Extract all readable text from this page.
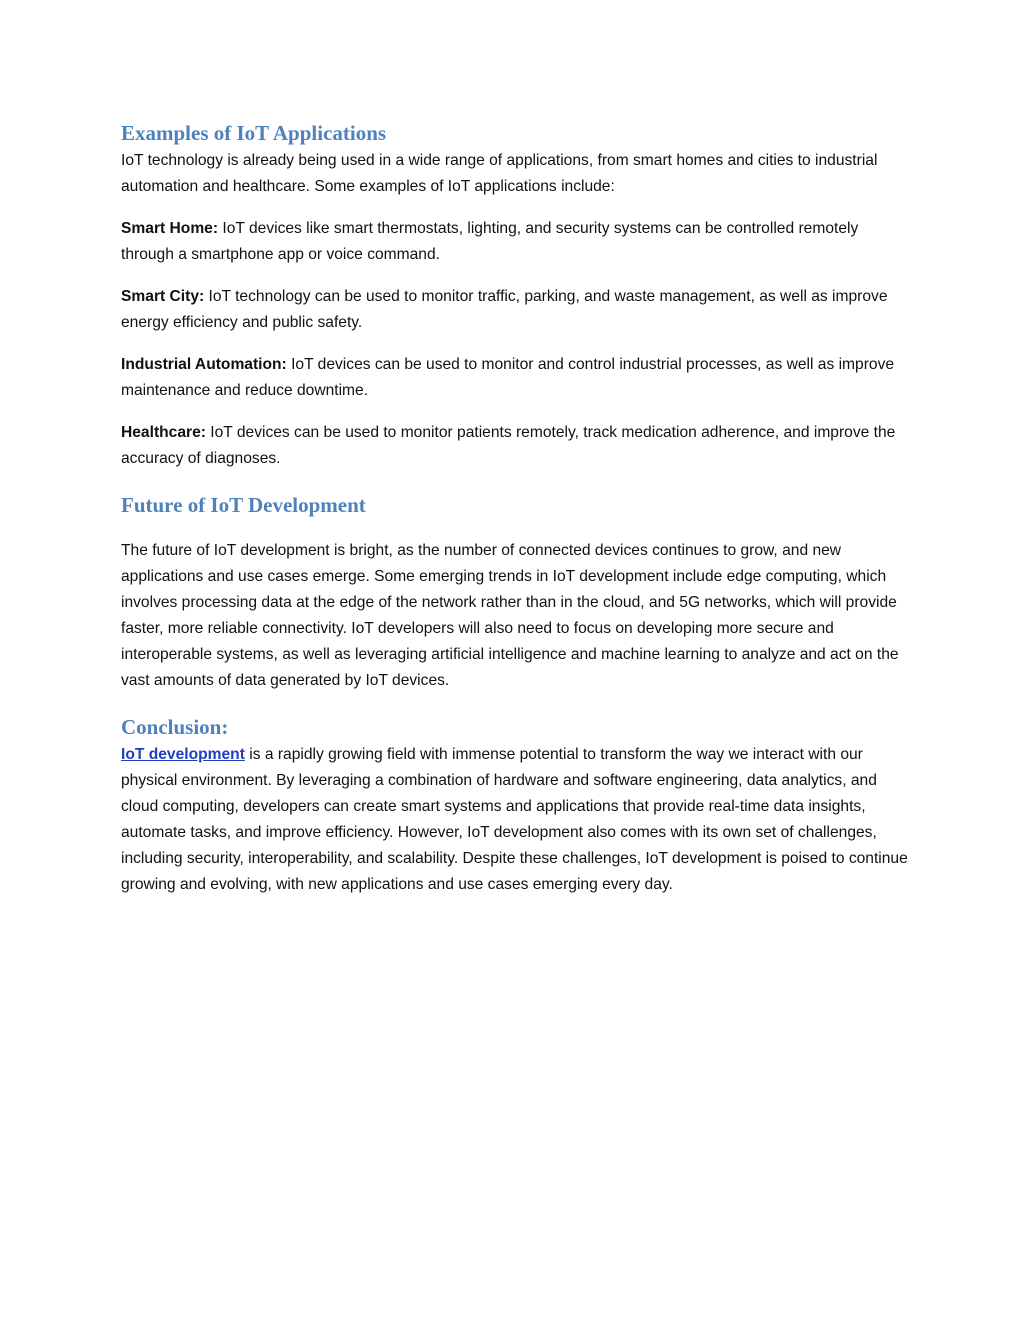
Examples of IoT Applications

IoT technology is already being used in a wide range of applications, from smart homes and cities to industrial automation and healthcare. Some examples of IoT applications include:

Smart Home: IoT devices like smart thermostats, lighting, and security systems can be controlled remotely through a smartphone app or voice command.

Smart City: IoT technology can be used to monitor traffic, parking, and waste management, as well as improve energy efficiency and public safety.

Industrial Automation: IoT devices can be used to monitor and control industrial processes, as well as improve maintenance and reduce downtime.

Healthcare: IoT devices can be used to monitor patients remotely, track medication adherence, and improve the accuracy of diagnoses.

Future of IoT Development

The future of IoT development is bright, as the number of connected devices continues to grow, and new applications and use cases emerge. Some emerging trends in IoT development include edge computing, which involves processing data at the edge of the network rather than in the cloud, and 5G networks, which will provide faster, more reliable connectivity. IoT developers will also need to focus on developing more secure and interoperable systems, as well as leveraging artificial intelligence and machine learning to analyze and act on the vast amounts of data generated by IoT devices.

Conclusion:

IoT development is a rapidly growing field with immense potential to transform the way we interact with our physical environment. By leveraging a combination of hardware and software engineering, data analytics, and cloud computing, developers can create smart systems and applications that provide real-time data insights, automate tasks, and improve efficiency. However, IoT development also comes with its own set of challenges, including security, interoperability, and scalability. Despite these challenges, IoT development is poised to continue growing and evolving, with new applications and use cases emerging every day.
